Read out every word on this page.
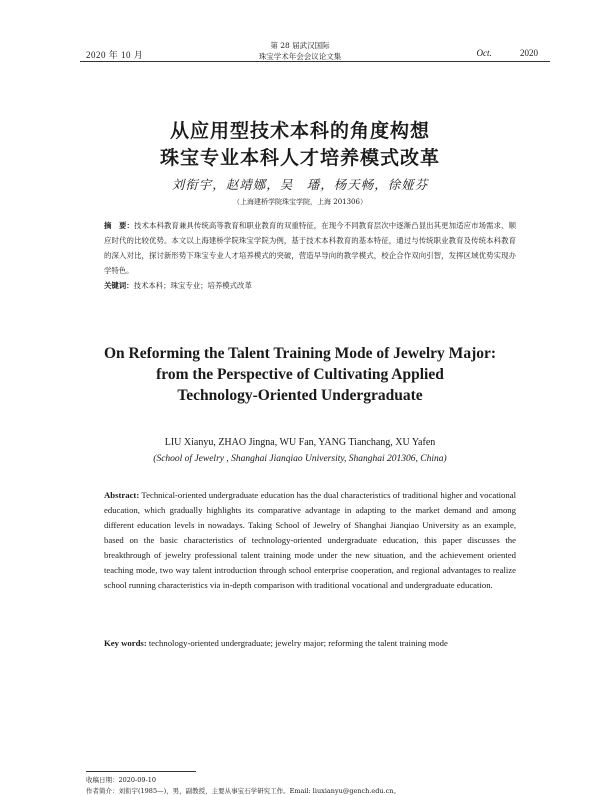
2020 年 10 月
第 28 届武汉国际
珠宝学术年会会议论文集	Oct.	2020
从应用型技术本科的角度构想
珠宝专业本科人才培养模式改革
刘衔宇，赵靖娜，吴　璠，杨天畅，徐娅芬
（上海建桥学院珠宝学院，上海 201306）
摘　要：技术本科教育兼具传统高等教育和职业教育的双重特征，在现今不同教育层次中逐渐凸显出其更加适应市场需求、顺应时代的比较优势。本文以上海建桥学院珠宝学院为例，基于技术本科教育的基本特征，通过与传统职业教育及传统本科教育的深入对比，探讨新形势下珠宝专业人才培养模式的突破，营造早导向的教学模式，校企合作双向引智，发挥区域优势实现办学特色。
关键词：技术本科；珠宝专业；培养模式改革
On Reforming the Talent Training Mode of Jewelry Major:
from the Perspective of Cultivating Applied
Technology-Oriented Undergraduate
LIU Xianyu, ZHAO Jingna, WU Fan, YANG Tianchang, XU Yafen
(School of Jewelry , Shanghai Jianqiao University, Shanghai 201306, China)
Abstract: Technical-oriented undergraduate education has the dual characteristics of traditional higher and vocational education, which gradually highlights its comparative advantage in adapting to the market demand and among different education levels in nowadays. Taking School of Jewelry of Shanghai Jianqiao University as an example, based on the basic characteristics of technology-oriented undergraduate education, this paper discusses the breakthrough of jewelry professional talent training mode under the new situation, and the achievement oriented teaching mode, two way talent introduction through school enterprise cooperation, and regional advantages to realize school running characteristics via in-depth comparison with traditional vocational and undergraduate education.
Key words: technology-oriented undergraduate; jewelry major; reforming the talent training mode
收稿日期：2020-09-10
作者简介：刘衔宇(1985—)，男，副教授，主要从事宝石学研究工作。Email: liuxianyu@gench.edu.cn。
